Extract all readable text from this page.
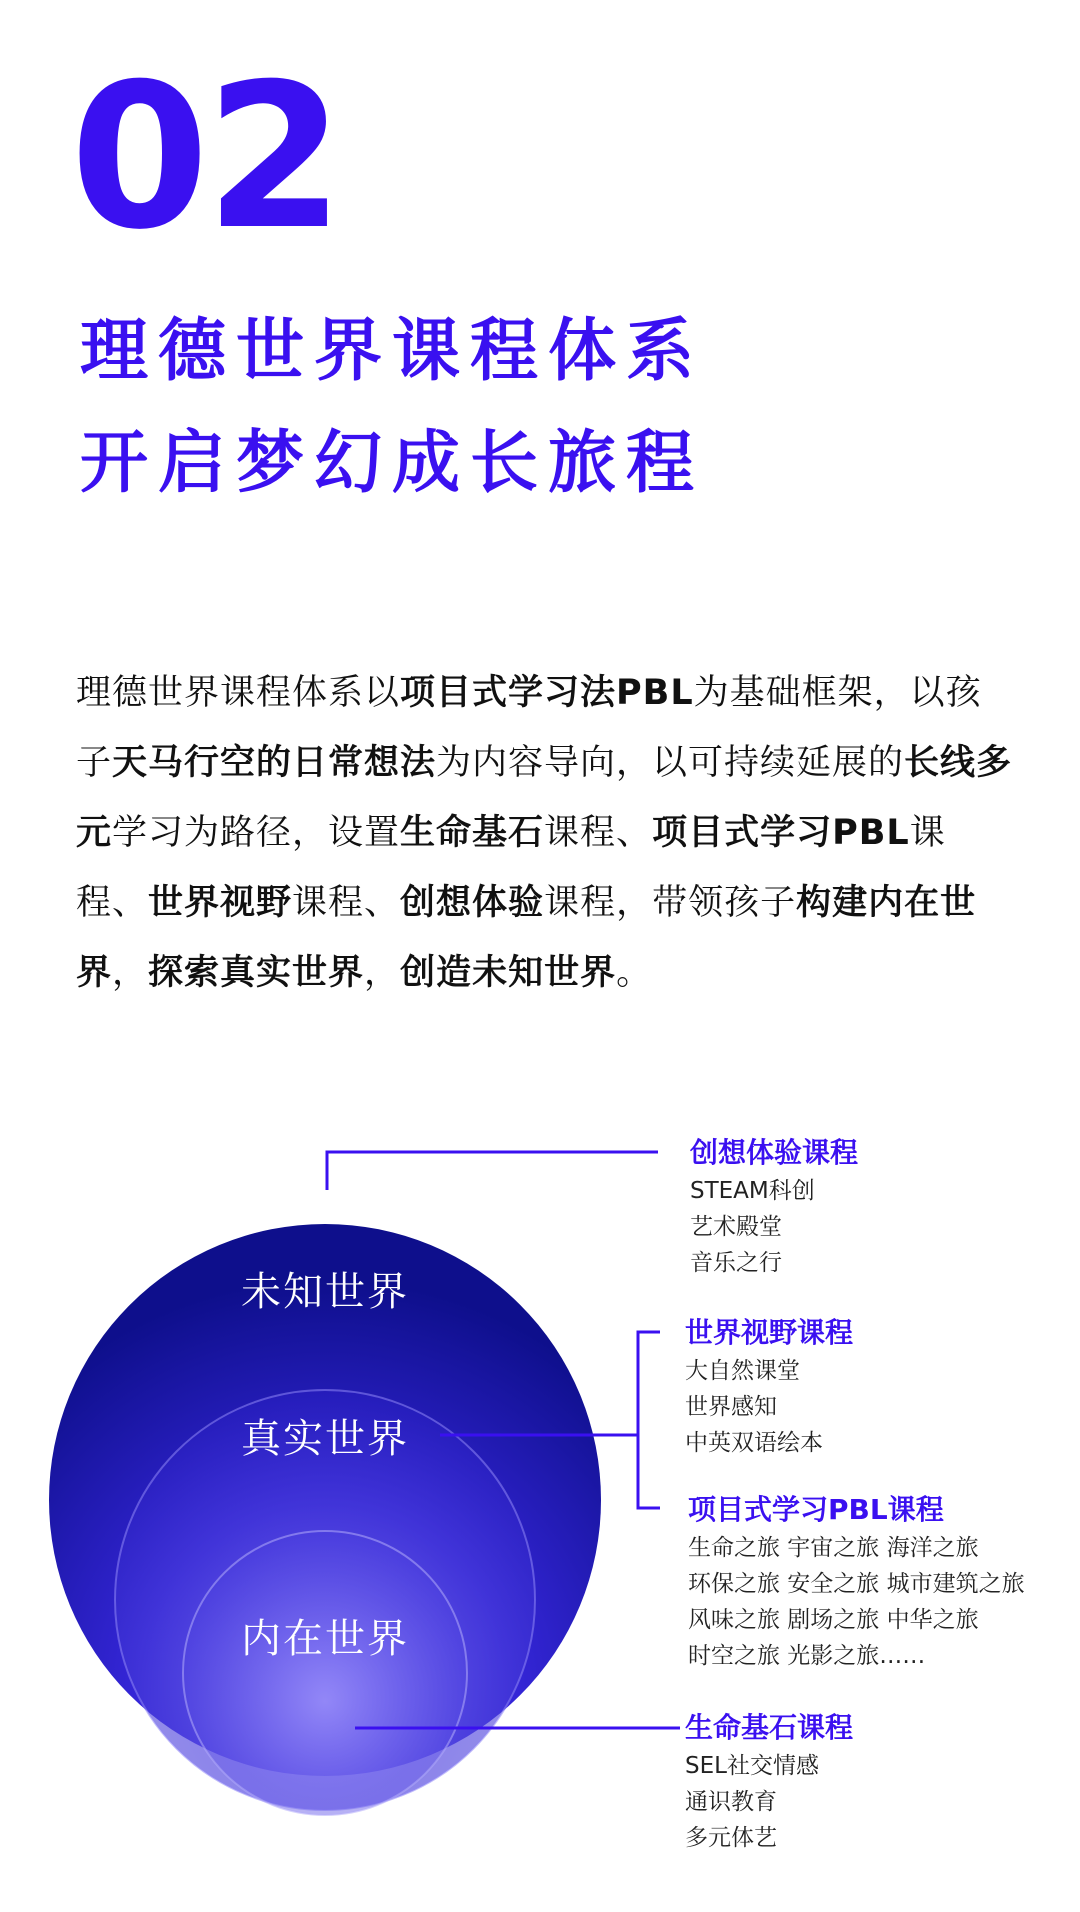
02
理德世界课程体系
开启梦幻成长旅程
理德世界课程体系以项目式学习法PBL为基础框架，以孩子天马行空的日常想法为内容导向，以可持续延展的长线多元学习为路径，设置生命基石课程、项目式学习PBL课程、世界视野课程、创想体验课程，带领孩子构建内在世界，探索真实世界，创造未知世界。
未知世界
真实世界
内在世界
创想体验课程
STEAM科创
艺术殿堂
音乐之行
世界视野课程
大自然课堂
世界感知
中英双语绘本
项目式学习PBL课程
生命之旅 宇宙之旅 海洋之旅
环保之旅 安全之旅 城市建筑之旅
风味之旅 剧场之旅 中华之旅
时空之旅 光影之旅……
生命基石课程
SEL社交情感
通识教育
多元体艺
